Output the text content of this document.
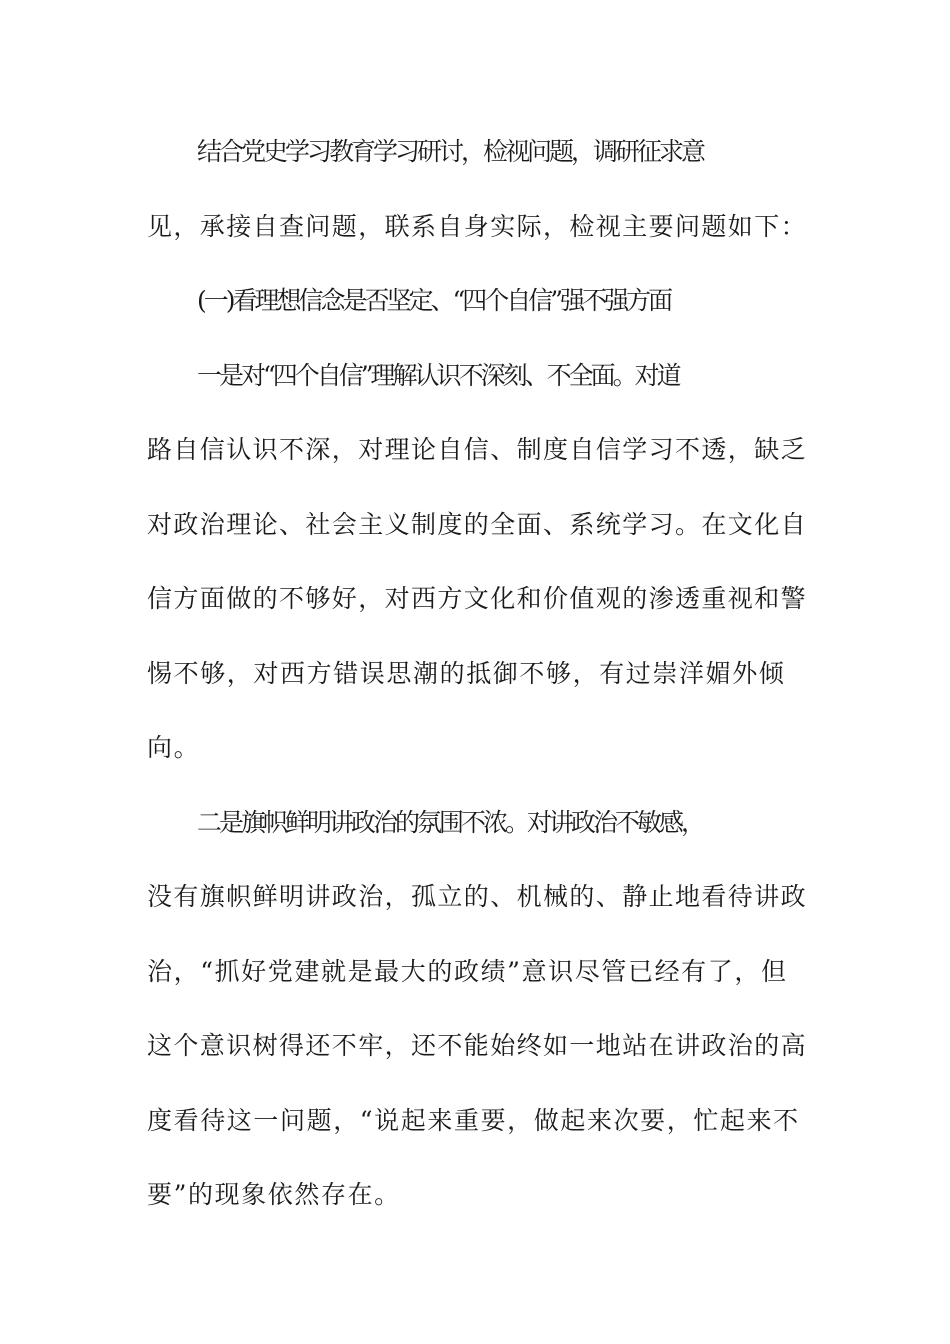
结合党史学习教育学习研讨，检视问题，调研征求意
见，承接自查问题，联系自身实际，检视主要问题如下：
(一)看理想信念是否坚定、“四个自信”强不强方面
一是对“四个自信”理解认识不深刻、不全面。对道
路自信认识不深，对理论自信、制度自信学习不透，缺乏
对政治理论、社会主义制度的全面、系统学习。在文化自
信方面做的不够好，对西方文化和价值观的渗透重视和警
惕不够，对西方错误思潮的抵御不够，有过崇洋媚外倾
向。
二是旗帜鲜明讲政治的氛围不浓。对讲政治不敏感，
没有旗帜鲜明讲政治，孤立的、机械的、静止地看待讲政
治，“抓好党建就是最大的政绩”意识尽管已经有了，但
这个意识树得还不牢，还不能始终如一地站在讲政治的高
度看待这一问题，“说起来重要，做起来次要，忙起来不
要”的现象依然存在。
